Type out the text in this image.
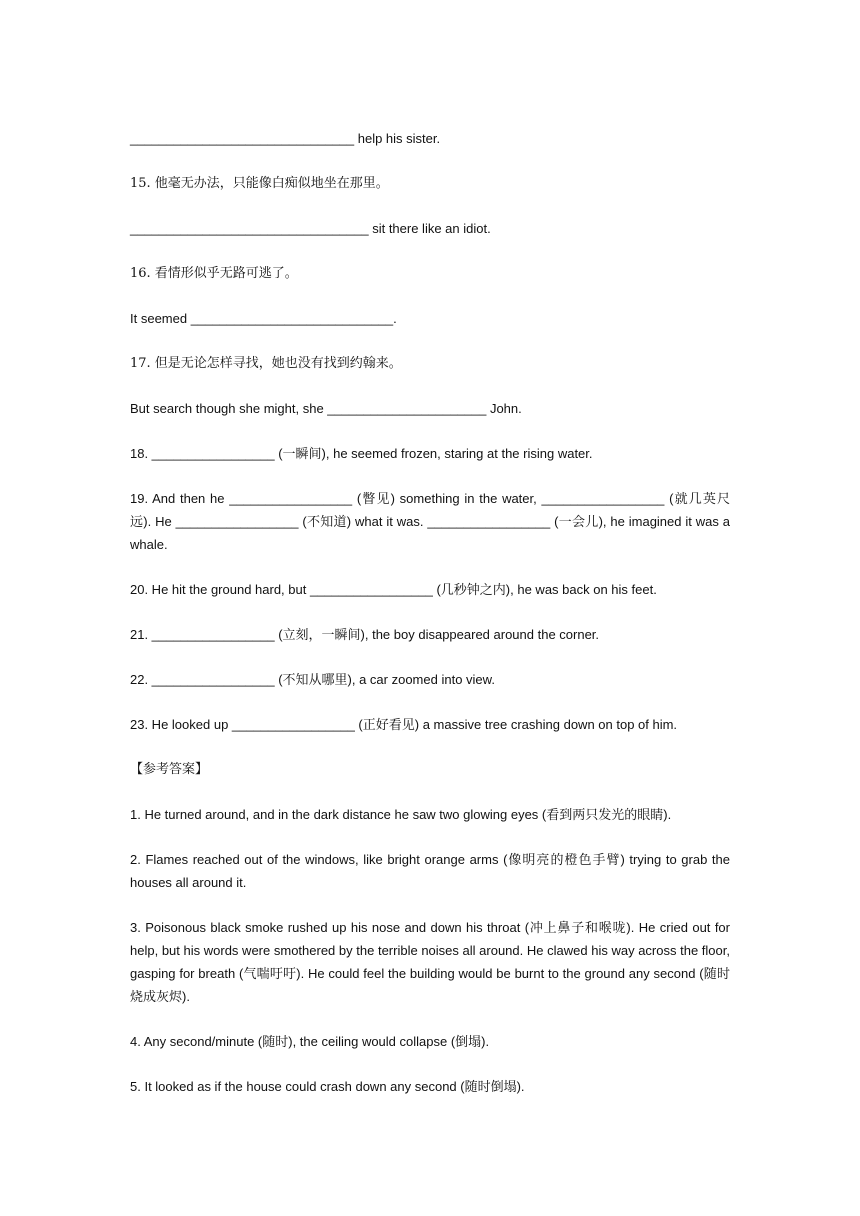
_______________________________ help his sister.

15. 他毫无办法，只能像白痴似地坐在那里。

_________________________________ sit there like an idiot.

16. 看情形似乎无路可逃了。

It seemed ____________________________.

17. 但是无论怎样寻找，她也没有找到约翰来。

But search though she might, she ______________________ John.

18. _________________ (一瞬间), he seemed frozen, staring at the rising water.

19. And then he _________________ (瞥见) something in the water, _________________ (就几英尺远). He _________________ (不知道) what it was. _________________ (一会儿), he imagined it was a whale.

20. He hit the ground hard, but _________________ (几秒钟之内), he was back on his feet.

21. _________________ (立刻，一瞬间), the boy disappeared around the corner.

22. _________________ (不知从哪里), a car zoomed into view.

23. He looked up _________________ (正好看见) a massive tree crashing down on top of him.

【参考答案】

1. He turned around, and in the dark distance he saw two glowing eyes (看到两只发光的眼睛).

2. Flames reached out of the windows, like bright orange arms (像明亮的橙色手臂) trying to grab the houses all around it.

3. Poisonous black smoke rushed up his nose and down his throat (冲上鼻子和喉咙). He cried out for help, but his words were smothered by the terrible noises all around. He clawed his way across the floor, gasping for breath (气喘吁吁). He could feel the building would be burnt to the ground any second (随时烧成灰烬).

4. Any second/minute (随时), the ceiling would collapse (倒塌).

5. It looked as if the house could crash down any second (随时倒塌).
